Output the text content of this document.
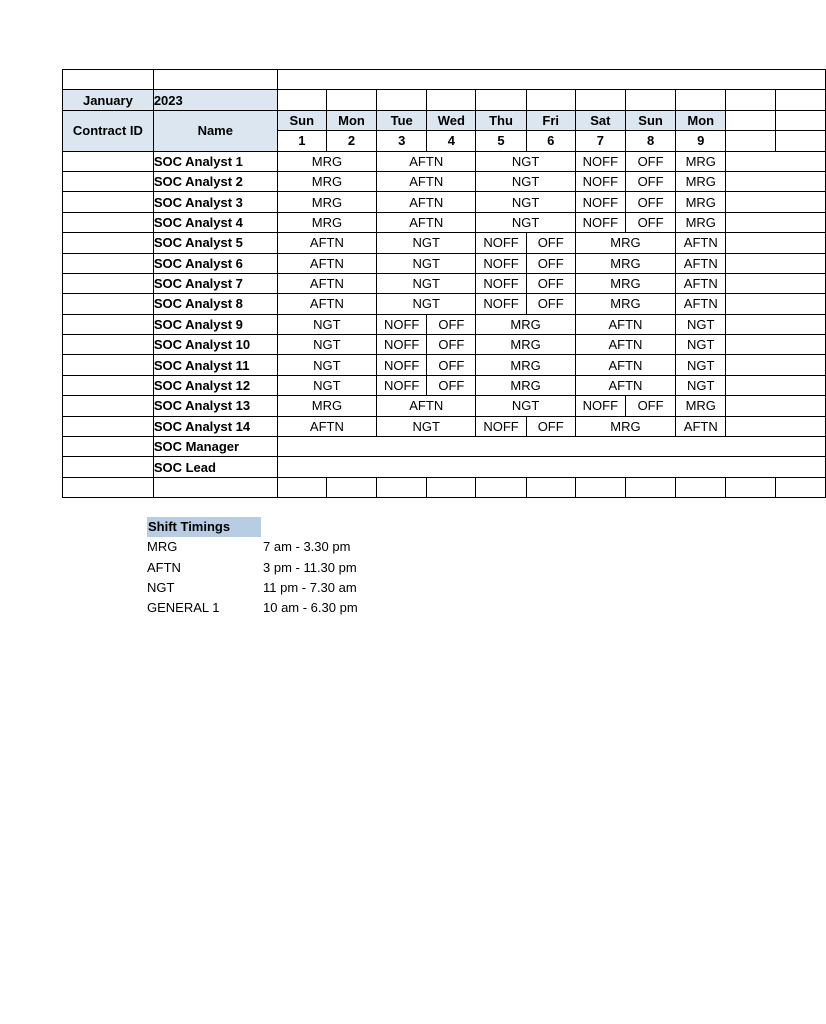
January	2023											
Contract ID	Name	Sun	Mon	Tue	Wed	Thu	Fri	Sat	Sun	Mon		
		1	2	3	4	5	6	7	8	9		
	SOC Analyst 1	MRG		AFTN		NGT		NOFF	OFF	MRG		
	SOC Analyst 2	MRG		AFTN		NGT		NOFF	OFF	MRG		
	SOC Analyst 3	MRG		AFTN		NGT		NOFF	OFF	MRG		
	SOC Analyst 4	MRG		AFTN		NGT		NOFF	OFF	MRG		
	SOC Analyst 5	AFTN		NGT		NOFF	OFF	MRG		AFTN		
	SOC Analyst 6	AFTN		NGT		NOFF	OFF	MRG		AFTN		
	SOC Analyst 7	AFTN		NGT		NOFF	OFF	MRG		AFTN		
	SOC Analyst 8	AFTN		NGT		NOFF	OFF	MRG		AFTN		
	SOC Analyst 9	NGT		NOFF	OFF	MRG		AFTN		NGT		
	SOC Analyst 10	NGT		NOFF	OFF	MRG		AFTN		NGT		
	SOC Analyst 11	NGT		NOFF	OFF	MRG		AFTN		NGT		
	SOC Analyst 12	NGT		NOFF	OFF	MRG		AFTN		NGT		
	SOC Analyst 13	MRG		AFTN		NGT		NOFF	OFF	MRG		
	SOC Analyst 14	AFTN		NGT		NOFF	OFF	MRG		AFTN		
	SOC Manager											
	SOC Lead											

Shift Timings
MRG	7 am - 3.30 pm
AFTN	3 pm - 11.30 pm
NGT	11 pm - 7.30 am
GENERAL 1	10 am - 6.30 pm
